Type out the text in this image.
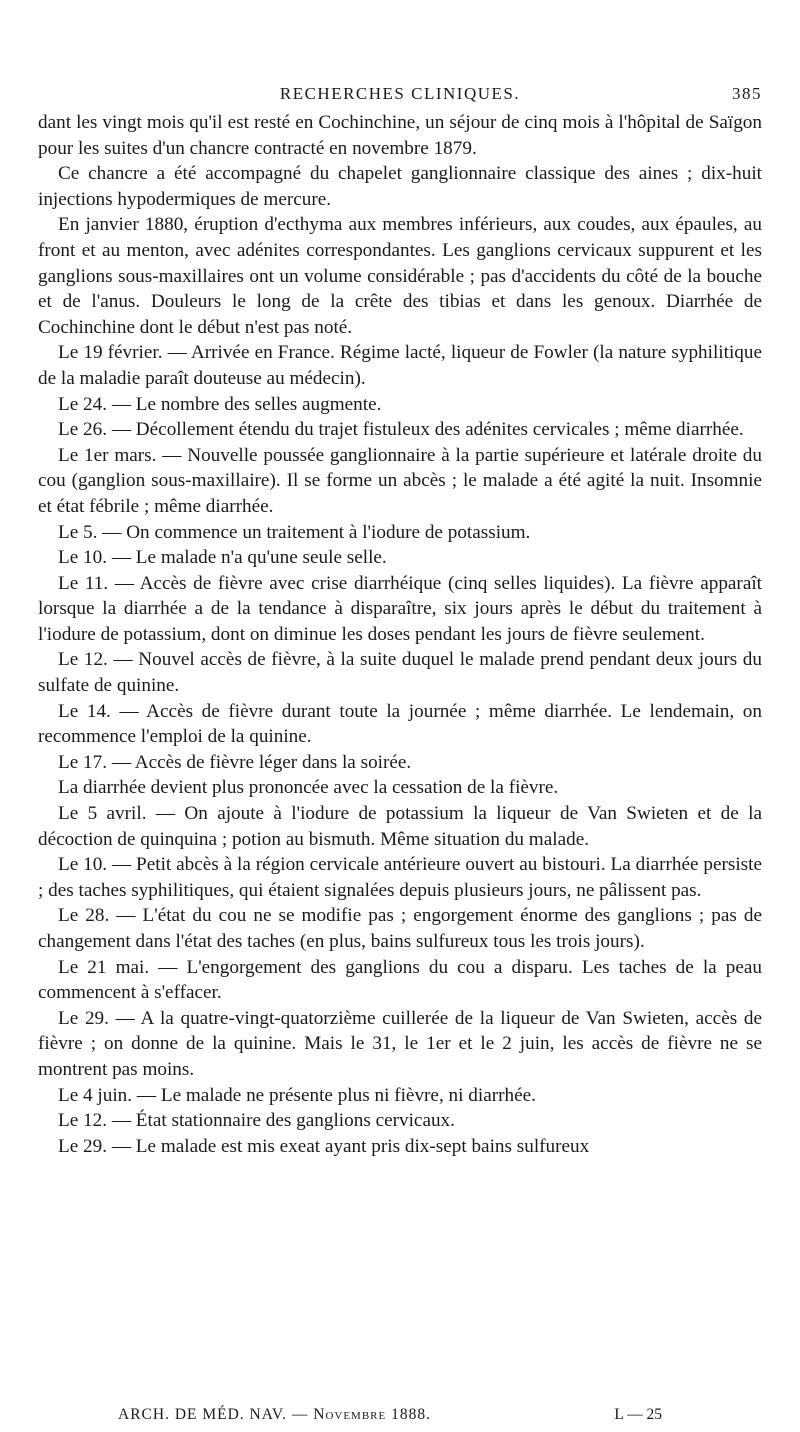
RECHERCHES CLINIQUES.	385

dant les vingt mois qu'il est resté en Cochinchine, un séjour de cinq mois à l'hôpital de Saïgon pour les suites d'un chancre contracté en novembre 1879.

Ce chancre a été accompagné du chapelet ganglionnaire classique des aines ; dix-huit injections hypodermiques de mercure.

En janvier 1880, éruption d'ecthyma aux membres inférieurs, aux coudes, aux épaules, au front et au menton, avec adénites correspondantes. Les ganglions cervicaux suppurent et les ganglions sous-maxillaires ont un volume considérable ; pas d'accidents du côté de la bouche et de l'anus. Douleurs le long de la crête des tibias et dans les genoux. Diarrhée de Cochinchine dont le début n'est pas noté.

Le 19 février. — Arrivée en France. Régime lacté, liqueur de Fowler (la nature syphilitique de la maladie paraît douteuse au médecin).

Le 24. — Le nombre des selles augmente.

Le 26. — Décollement étendu du trajet fistuleux des adénites cervicales ; même diarrhée.

Le 1er mars. — Nouvelle poussée ganglionnaire à la partie supérieure et latérale droite du cou (ganglion sous-maxillaire). Il se forme un abcès ; le malade a été agité la nuit. Insomnie et état fébrile ; même diarrhée.

Le 5. — On commence un traitement à l'iodure de potassium.

Le 10. — Le malade n'a qu'une seule selle.

Le 11. — Accès de fièvre avec crise diarrhéique (cinq selles liquides). La fièvre apparaît lorsque la diarrhée a de la tendance à disparaître, six jours après le début du traitement à l'iodure de potassium, dont on diminue les doses pendant les jours de fièvre seulement.

Le 12. — Nouvel accès de fièvre, à la suite duquel le malade prend pendant deux jours du sulfate de quinine.

Le 14. — Accès de fièvre durant toute la journée ; même diarrhée. Le lendemain, on recommence l'emploi de la quinine.

Le 17. — Accès de fièvre léger dans la soirée.

La diarrhée devient plus prononcée avec la cessation de la fièvre.

Le 5 avril. — On ajoute à l'iodure de potassium la liqueur de Van Swieten et de la décoction de quinquina ; potion au bismuth. Même situation du malade.

Le 10. — Petit abcès à la région cervicale antérieure ouvert au bistouri. La diarrhée persiste ; des taches syphilitiques, qui étaient signalées depuis plusieurs jours, ne pâlissent pas.

Le 28. — L'état du cou ne se modifie pas ; engorgement énorme des ganglions ; pas de changement dans l'état des taches (en plus, bains sulfureux tous les trois jours).

Le 21 mai. — L'engorgement des ganglions du cou a disparu. Les taches de la peau commencent à s'effacer.

Le 29. — A la quatre-vingt-quatorzième cuillerée de la liqueur de Van Swieten, accès de fièvre ; on donne de la quinine. Mais le 31, le 1er et le 2 juin, les accès de fièvre ne se montrent pas moins.

Le 4 juin. — Le malade ne présente plus ni fièvre, ni diarrhée.

Le 12. — État stationnaire des ganglions cervicaux.

Le 29. — Le malade est mis exeat ayant pris dix-sept bains sulfureux

ARCH. DE MÉD. NAV. — Novembre 1888.	L — 25
